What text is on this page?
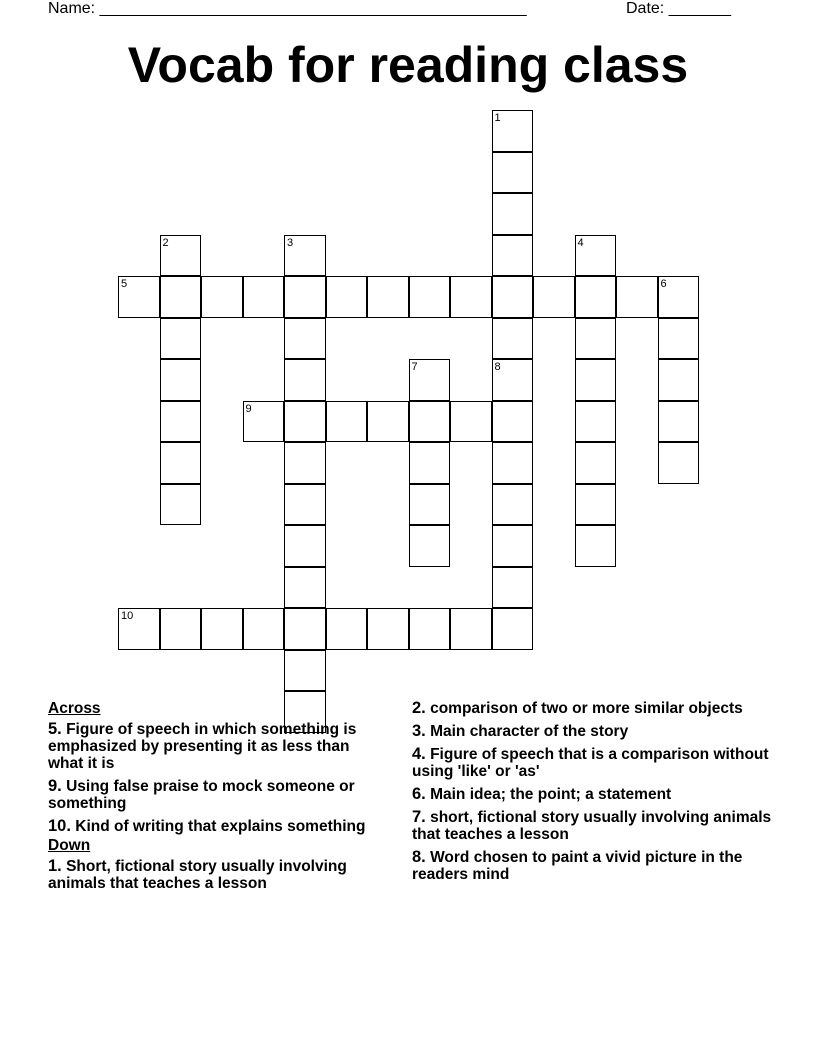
Name: ________________________________________________	Date: _______
Vocab for reading class
1
2	3	4
5	6
7	8
9
10
Across
5. Figure of speech in which something is emphasized by presenting it as less than what it is
9. Using false praise to mock someone or something
10. Kind of writing that explains something
Down
1. Short, fictional story usually involving animals that teaches a lesson
2. comparison of two or more similar objects
3. Main character of the story
4. Figure of speech that is a comparison without using 'like' or 'as'
6. Main idea; the point; a statement
7. short, fictional story usually involving animals that teaches a lesson
8. Word chosen to paint a vivid picture in the readers mind
